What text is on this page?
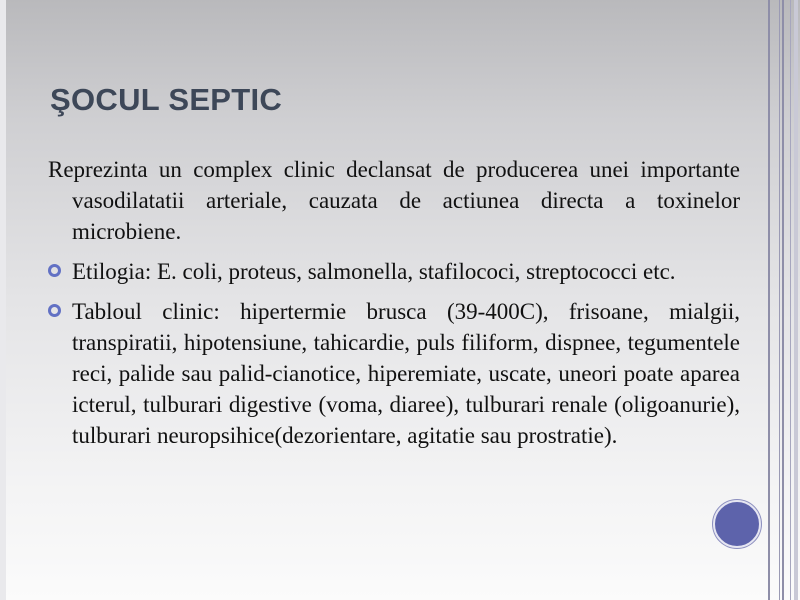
ŞOCUL SEPTIC

Reprezinta un complex clinic declansat de producerea unei importante vasodilatatii arteriale, cauzata de actiunea directa a toxinelor microbiene.

Etilogia: E. coli, proteus, salmonella, stafilococi, streptococci etc.
Tabloul clinic: hipertermie brusca (39-400C), frisoane, mialgii, transpiratii, hipotensiune, tahicardie, puls filiform, dispnee, tegumentele reci, palide sau palid-cianotice, hiperemiate, uscate, uneori poate aparea icterul, tulburari digestive (voma, diaree), tulburari renale (oligoanurie), tulburari neuropsihice(dezorientare, agitatie sau prostratie).
